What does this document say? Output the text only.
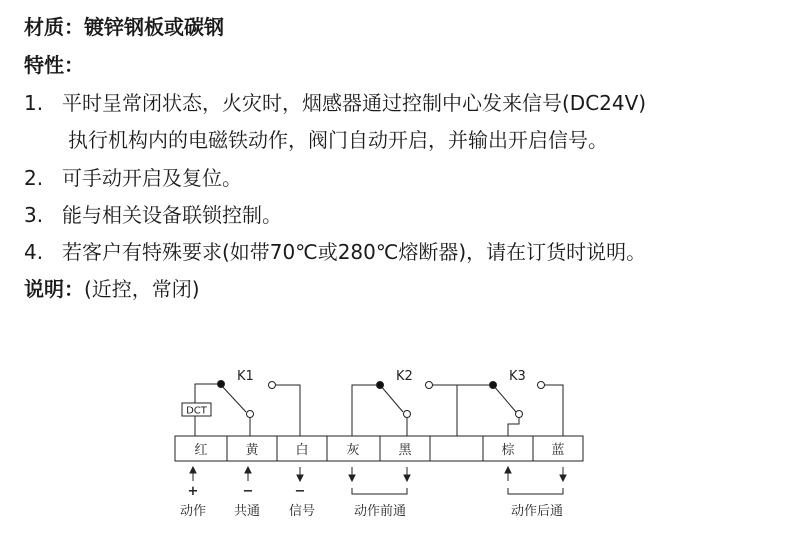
材质：镀锌钢板或碳钢
特性：
1. 平时呈常闭状态，火灾时，烟感器通过控制中心发来信号(DC24V)
执行机构内的电磁铁动作，阀门自动开启，并输出开启信号。
2. 可手动开启及复位。
3. 能与相关设备联锁控制。
4. 若客户有特殊要求(如带70℃或280℃熔断器)，请在订货时说明。
说明：(近控，常闭)
K1	K2	K3
DCT
红	黄	白	灰	黑	棕	蓝
+	−	−
动作 共通 信号	动作前通	动作后通
